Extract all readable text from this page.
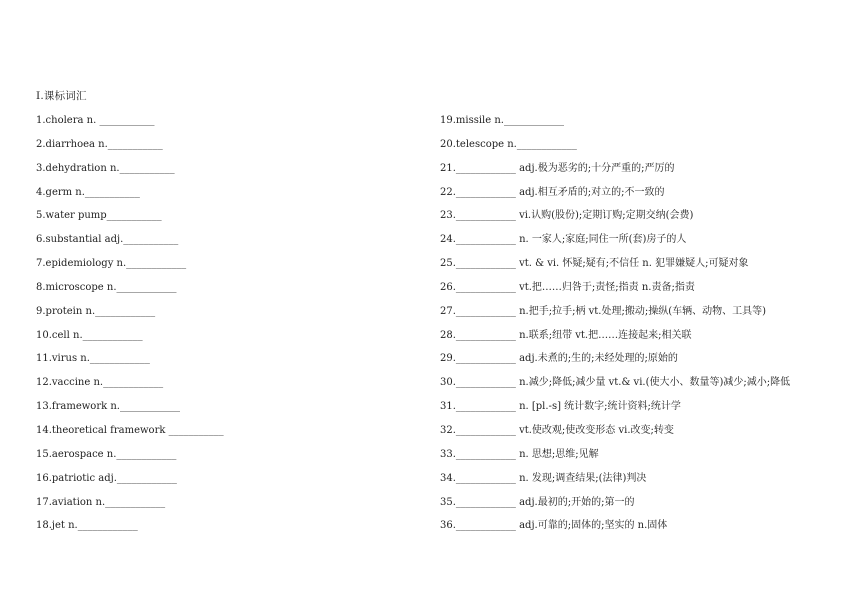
Ⅰ.课标词汇
1.cholera n. ___________
2.diarrhoea n.___________
3.dehydration n.___________
4.germ n.___________
5.water pump___________
6.substantial adj.___________
7.epidemiology n.____________
8.microscope n.____________
9.protein n.____________
10.cell n.____________
11.virus n.____________
12.vaccine n.____________
13.framework n.____________
14.theoretical framework ___________
15.aerospace n.____________
16.patriotic adj.____________
17.aviation n.____________
18.jet n.____________
19.missile n.____________
20.telescope n.____________
21.____________ adj.极为恶劣的;十分严重的;严厉的
22.____________ adj.相互矛盾的;对立的;不一致的
23.____________ vi.认购(股份);定期订购;定期交纳(会费)
24.____________ n. 一家人;家庭;同住一所(套)房子的人
25.____________ vt. & vi. 怀疑;疑有;不信任 n. 犯罪嫌疑人;可疑对象
26.____________ vt.把……归咎于;责怪;指责 n.责备;指责
27.____________ n.把手;拉手;柄 vt.处理;搬动;操纵(车辆、动物、工具等)
28.____________ n.联系;纽带 vt.把……连接起来;相关联
29.____________ adj.未煮的;生的;未经处理的;原始的
30.____________ n.减少;降低;减少量 vt.& vi.(使大小、数量等)减少;减小;降低
31.____________ n. [pl.-s] 统计数字;统计资料;统计学
32.____________ vt.使改观;使改变形态 vi.改变;转变
33.____________ n. 思想;思维;见解
34.____________ n. 发现;调查结果;(法律)判决
35.____________ adj.最初的;开始的;第一的
36.____________ adj.可靠的;固体的;坚实的 n.固体
